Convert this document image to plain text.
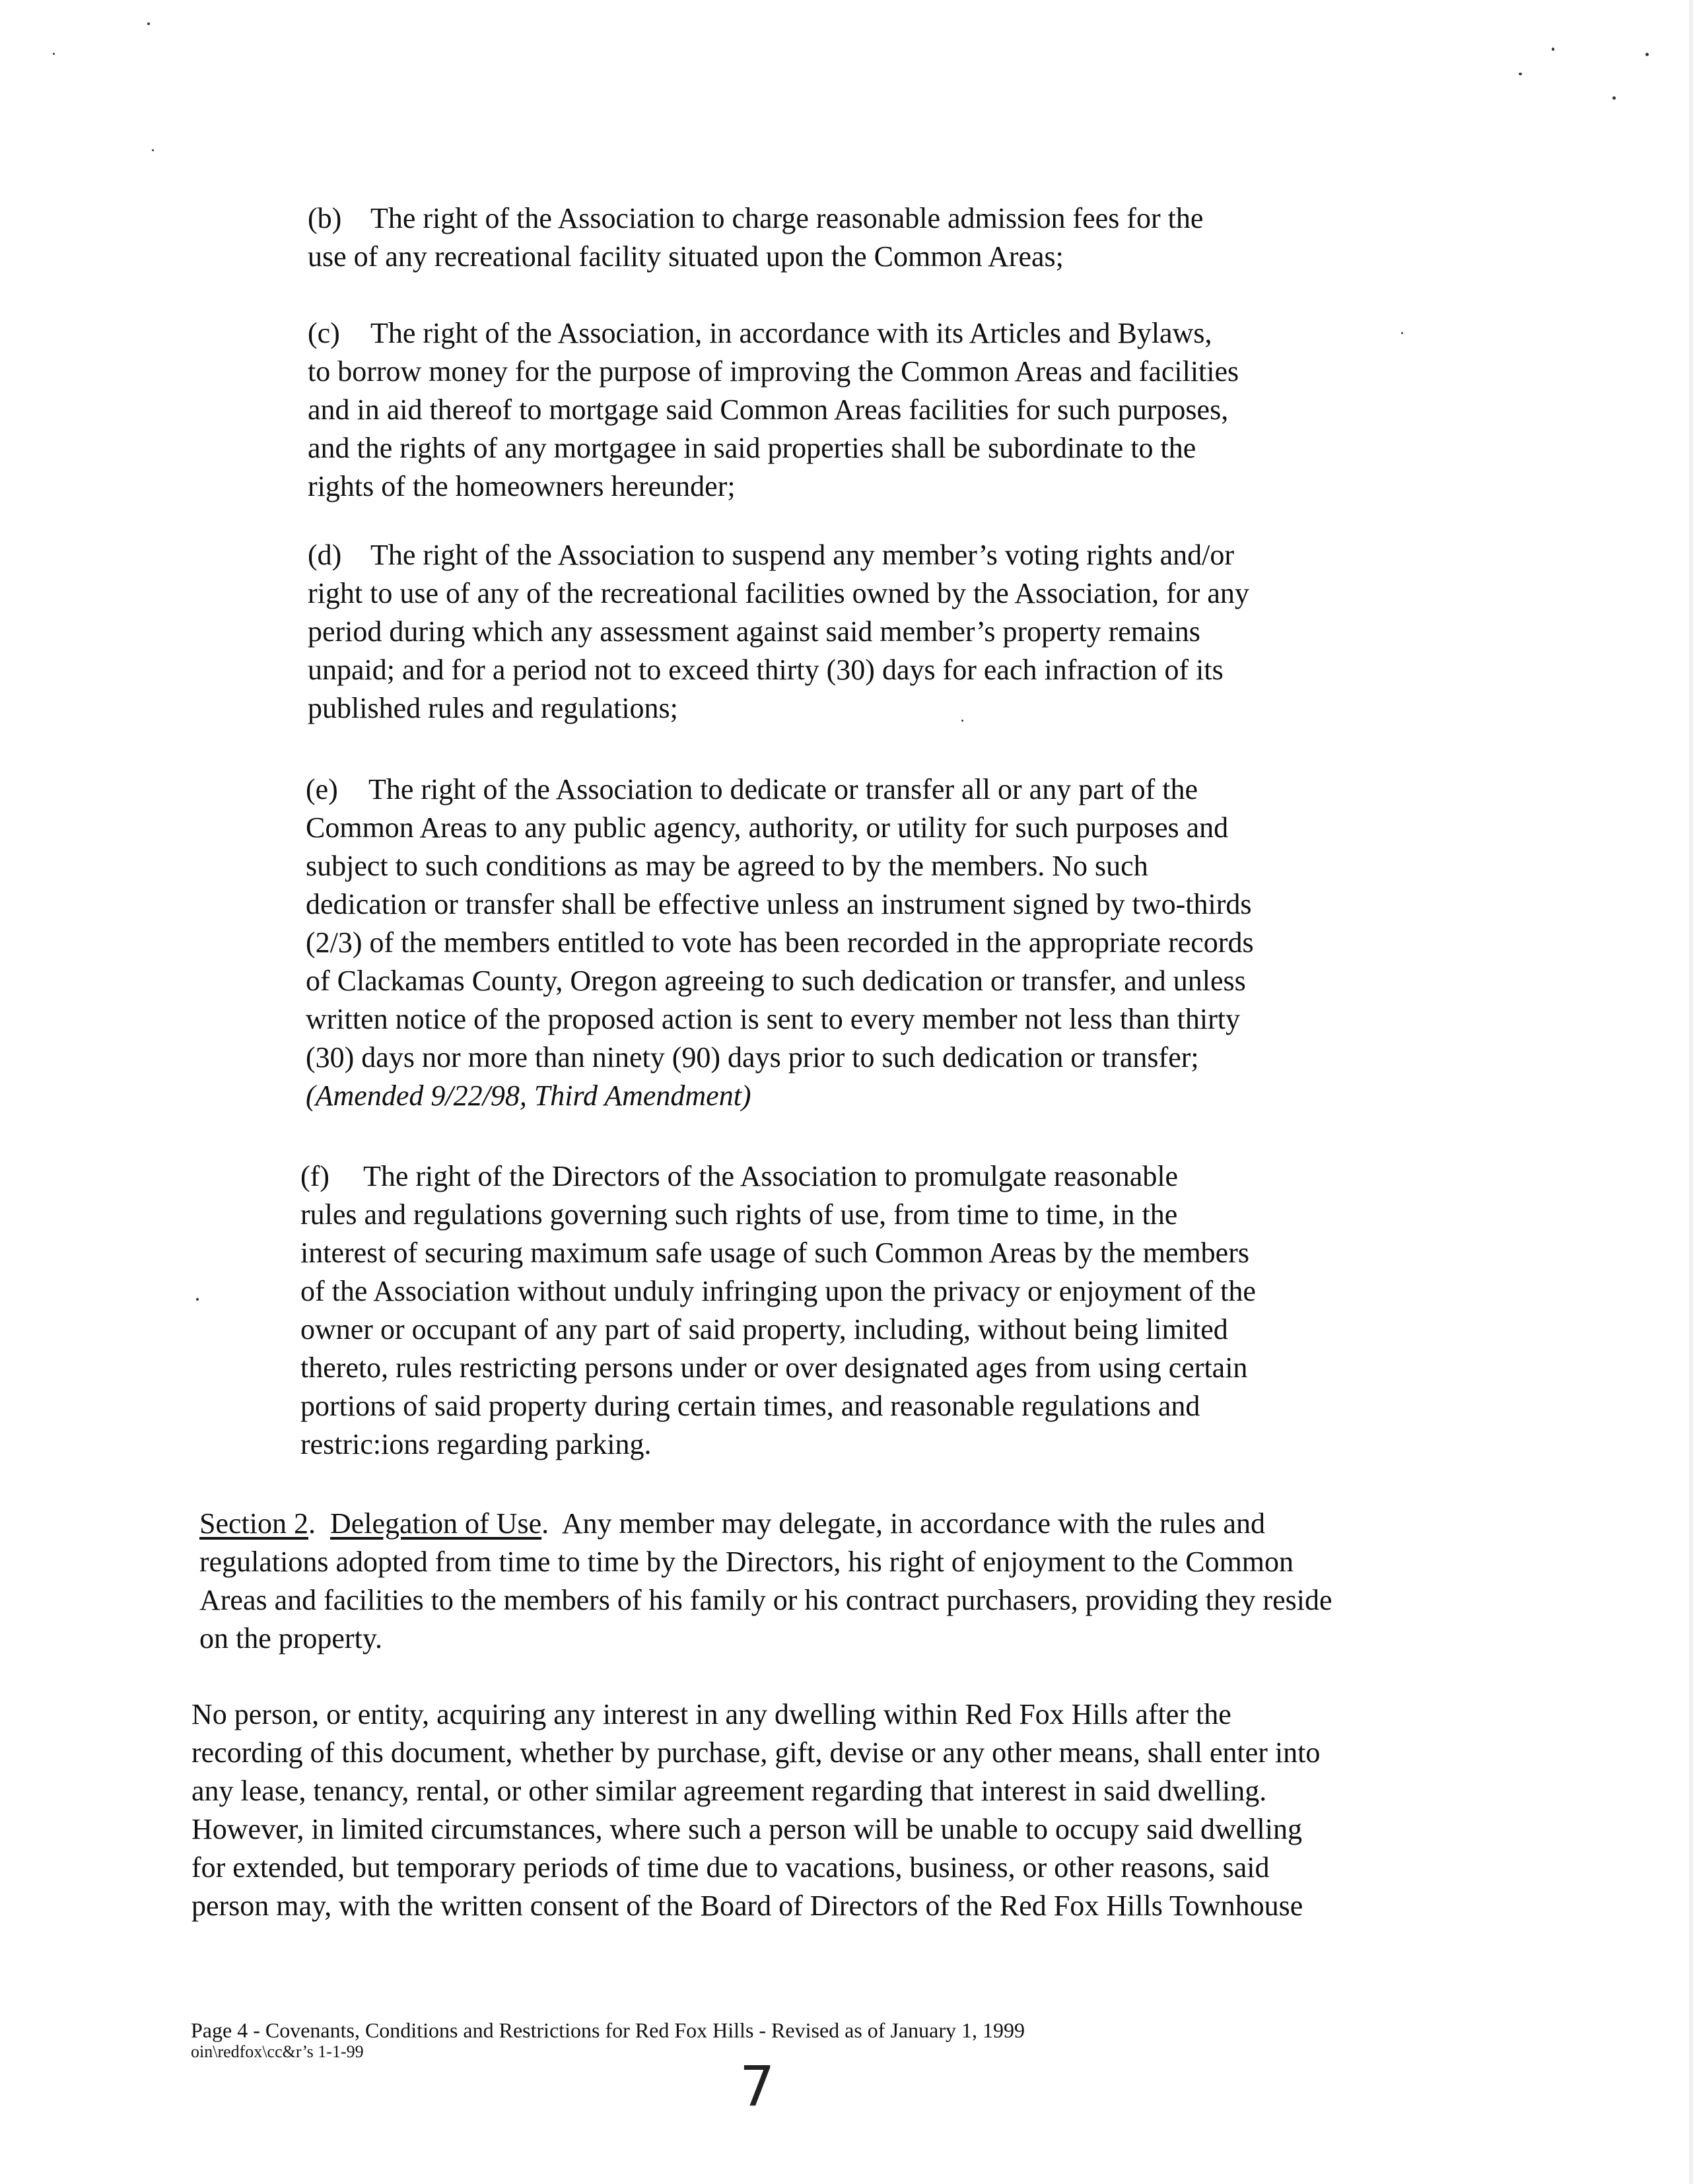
(b) The right of the Association to charge reasonable admission fees for the
use of any recreational facility situated upon the Common Areas;
(c) The right of the Association, in accordance with its Articles and Bylaws,
to borrow money for the purpose of improving the Common Areas and facilities
and in aid thereof to mortgage said Common Areas facilities for such purposes,
and the rights of any mortgagee in said properties shall be subordinate to the
rights of the homeowners hereunder;
(d) The right of the Association to suspend any member’s voting rights and/or
right to use of any of the recreational facilities owned by the Association, for any
period during which any assessment against said member’s property remains
unpaid; and for a period not to exceed thirty (30) days for each infraction of its
published rules and regulations;
(e) The right of the Association to dedicate or transfer all or any part of the
Common Areas to any public agency, authority, or utility for such purposes and
subject to such conditions as may be agreed to by the members. No such
dedication or transfer shall be effective unless an instrument signed by two-thirds
(2/3) of the members entitled to vote has been recorded in the appropriate records
of Clackamas County, Oregon agreeing to such dedication or transfer, and unless
written notice of the proposed action is sent to every member not less than thirty
(30) days nor more than ninety (90) days prior to such dedication or transfer;
(Amended 9/22/98, Third Amendment)
(f) The right of the Directors of the Association to promulgate reasonable
rules and regulations governing such rights of use, from time to time, in the
interest of securing maximum safe usage of such Common Areas by the members
of the Association without unduly infringing upon the privacy or enjoyment of the
owner or occupant of any part of said property, including, without being limited
thereto, rules restricting persons under or over designated ages from using certain
portions of said property during certain times, and reasonable regulations and
restric:ions regarding parking.
Section 2.  Delegation of Use.  Any member may delegate, in accordance with the rules and
regulations adopted from time to time by the Directors, his right of enjoyment to the Common
Areas and facilities to the members of his family or his contract purchasers, providing they reside
on the property.
No person, or entity, acquiring any interest in any dwelling within Red Fox Hills after the
recording of this document, whether by purchase, gift, devise or any other means, shall enter into
any lease, tenancy, rental, or other similar agreement regarding that interest in said dwelling.
However, in limited circumstances, where such a person will be unable to occupy said dwelling
for extended, but temporary periods of time due to vacations, business, or other reasons, said
person may, with the written consent of the Board of Directors of the Red Fox Hills Townhouse
Page 4 - Covenants, Conditions and Restrictions for Red Fox Hills - Revised as of January 1, 1999
oin\redfox\cc&r’s 1-1-99
7
